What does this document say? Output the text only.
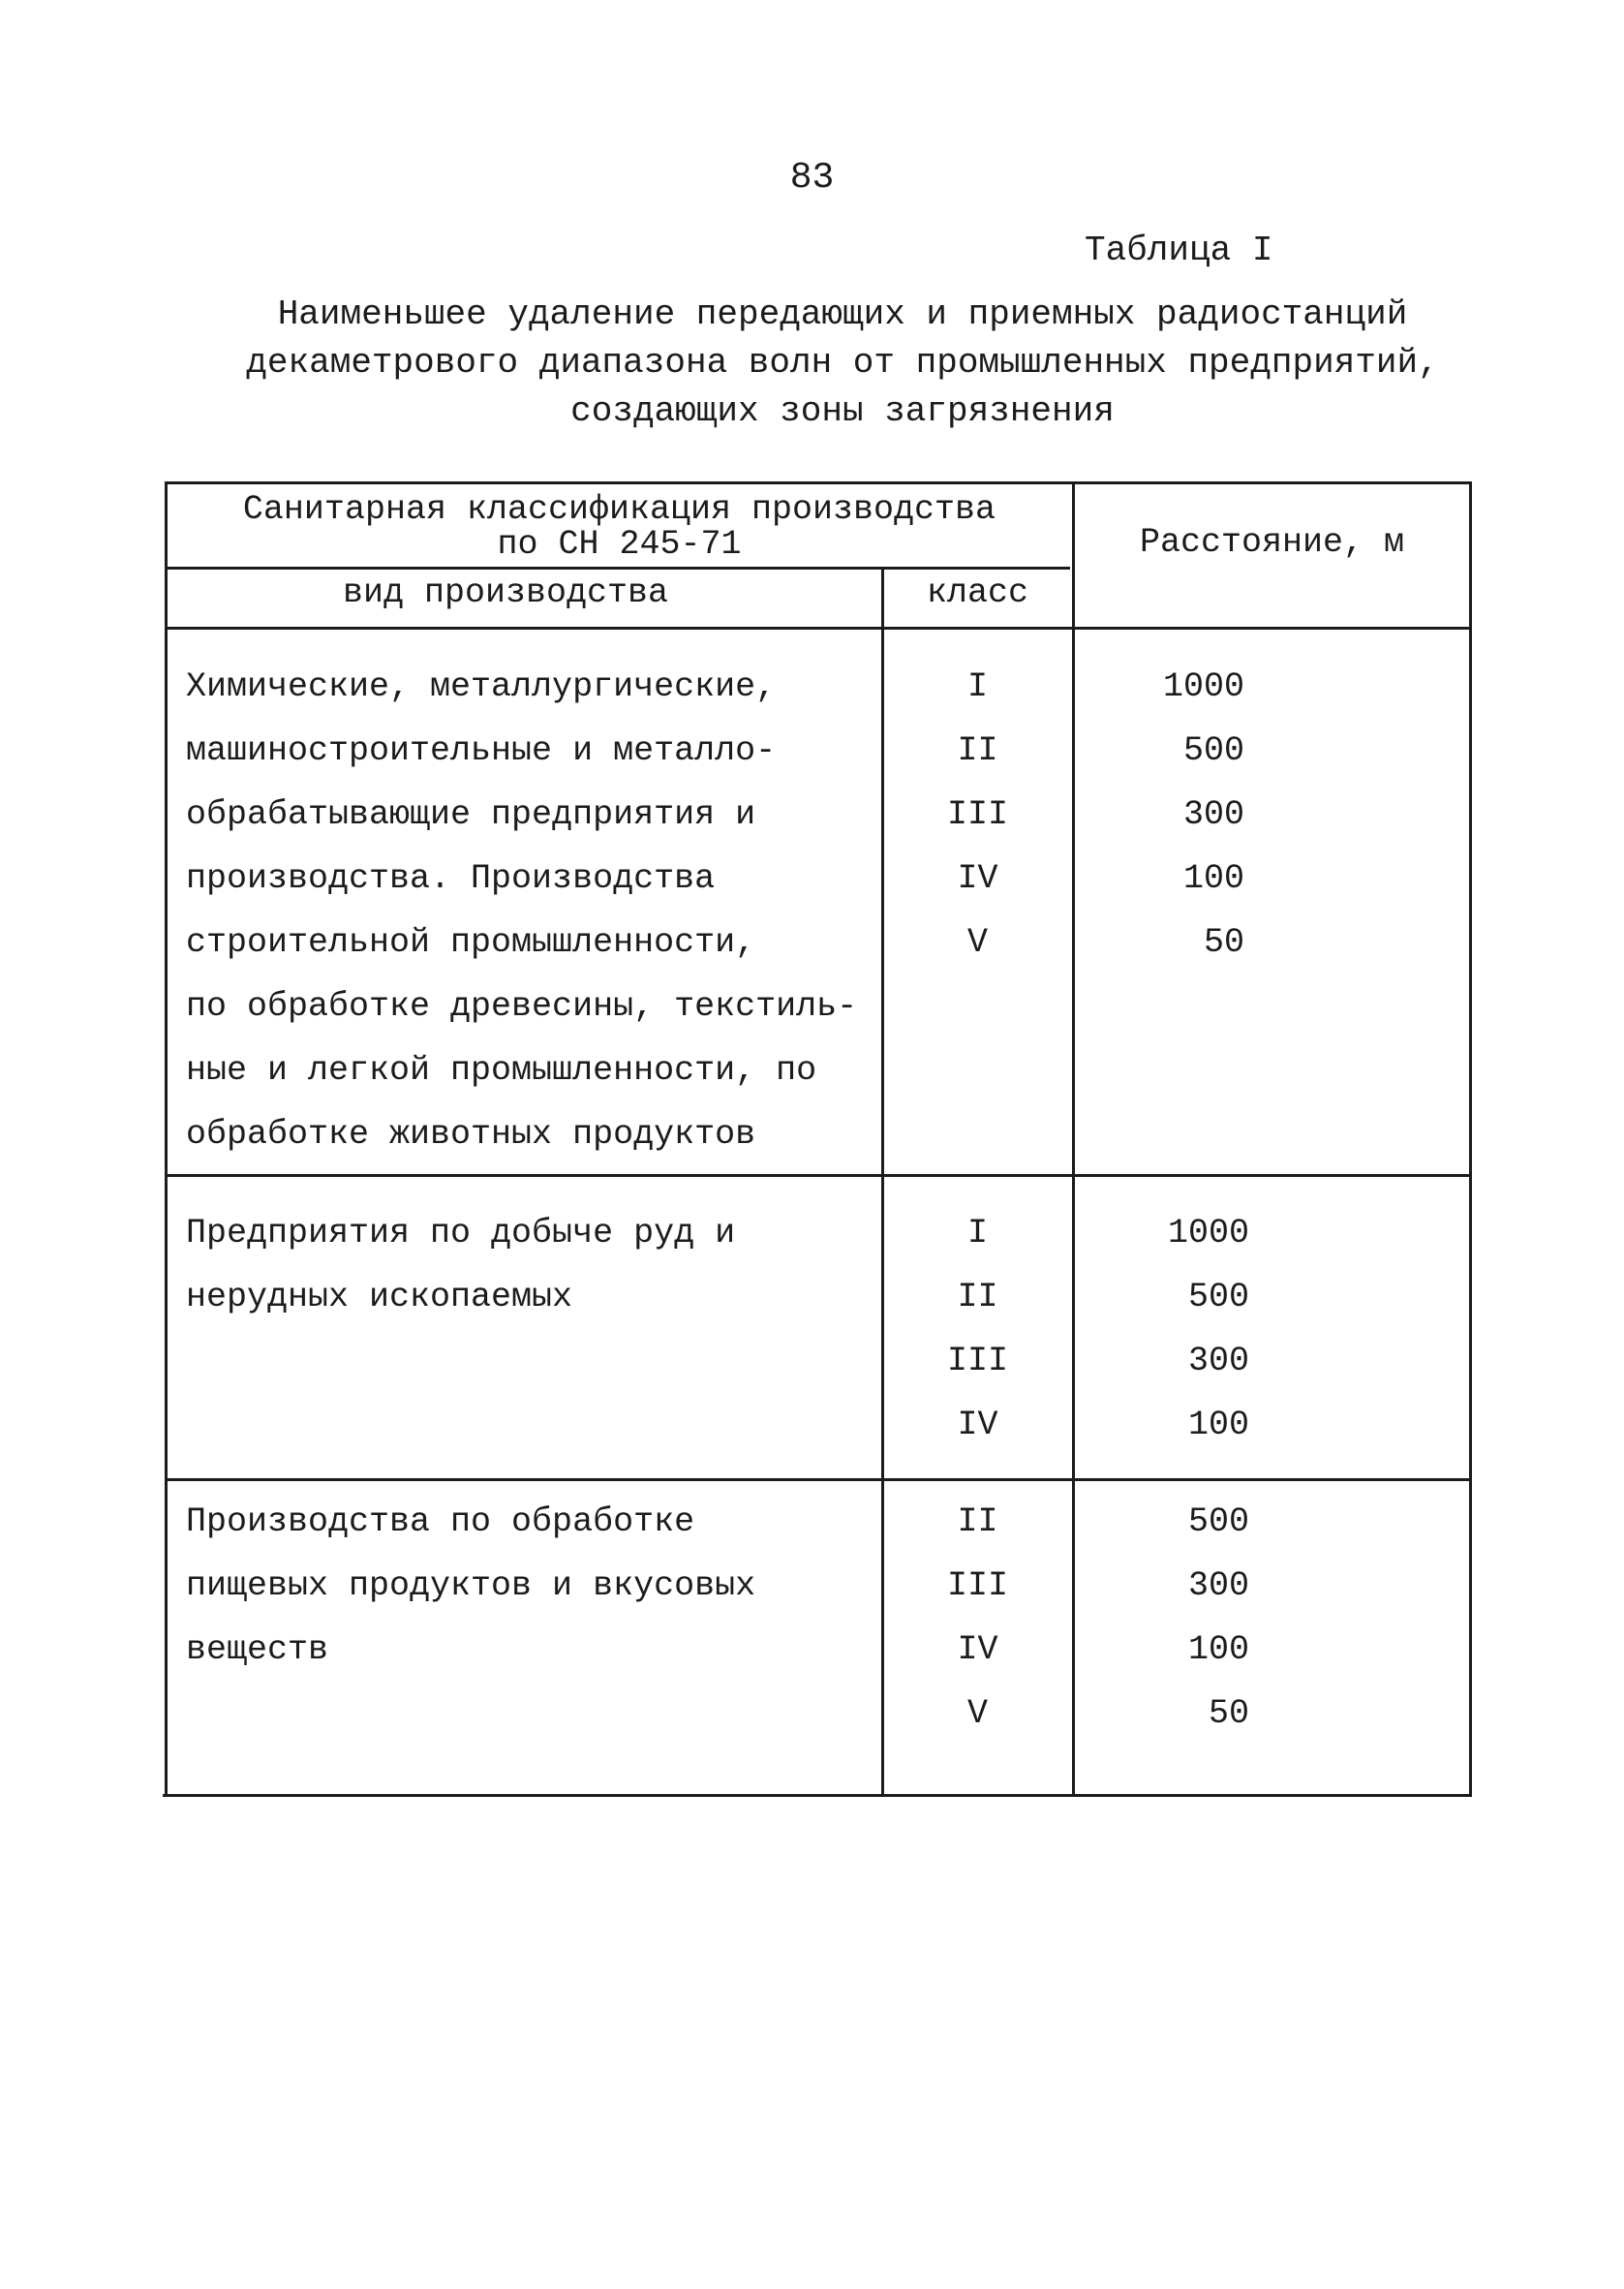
83
Таблица I
Наименьшее удаление передающих и приемных радиостанций
декаметрового диапазона волн от промышленных предприятий,
создающих зоны загрязнения
Санитарная классификация производства
по СН 245-71
вид производства	класс
Расстояние, м
Химические, металлургические,
машиностроительные и металло-
обрабатывающие предприятия и
производства. Производства
строительной промышленности,
по обработке древесины, текстиль-
ные и легкой промышленности, по
обработке животных продуктов
I
II
III
IV
V
1000
500
300
100
50
Предприятия по добыче руд и
нерудных ископаемых
I
II
III
IV
1000
500
300
100
Производства по обработке
пищевых продуктов и вкусовых
веществ
II
III
IV
V
500
300
100
50
